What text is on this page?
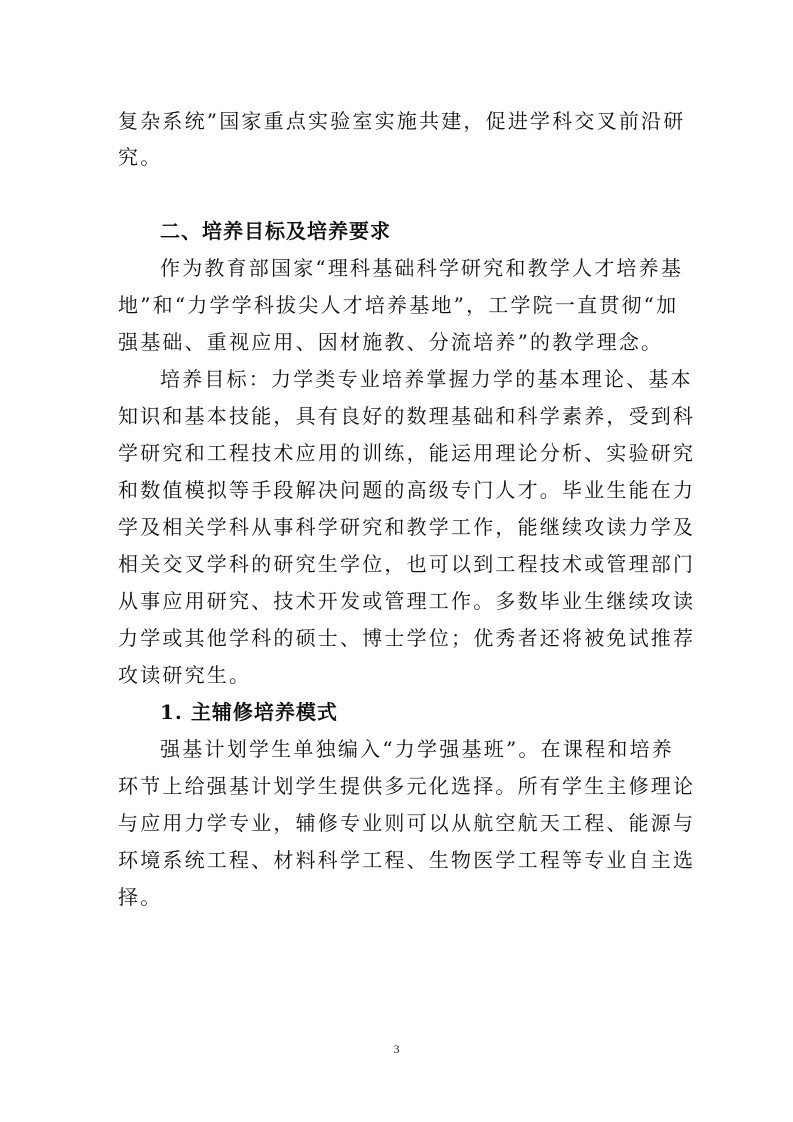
复杂系统”国家重点实验室实施共建，促进学科交叉前沿研
究。
二、培养目标及培养要求
作为教育部国家“理科基础科学研究和教学人才培养基
地”和“力学学科拔尖人才培养基地”，工学院一直贯彻“加
强基础、重视应用、因材施教、分流培养”的教学理念。
培养目标：力学类专业培养掌握力学的基本理论、基本
知识和基本技能，具有良好的数理基础和科学素养，受到科
学研究和工程技术应用的训练，能运用理论分析、实验研究
和数值模拟等手段解决问题的高级专门人才。毕业生能在力
学及相关学科从事科学研究和教学工作，能继续攻读力学及
相关交叉学科的研究生学位，也可以到工程技术或管理部门
从事应用研究、技术开发或管理工作。多数毕业生继续攻读
力学或其他学科的硕士、博士学位；优秀者还将被免试推荐
攻读研究生。
1. 主辅修培养模式
强基计划学生单独编入“力学强基班”。在课程和培养
环节上给强基计划学生提供多元化选择。所有学生主修理论
与应用力学专业，辅修专业则可以从航空航天工程、能源与
环境系统工程、材料科学工程、生物医学工程等专业自主选
择。
3
